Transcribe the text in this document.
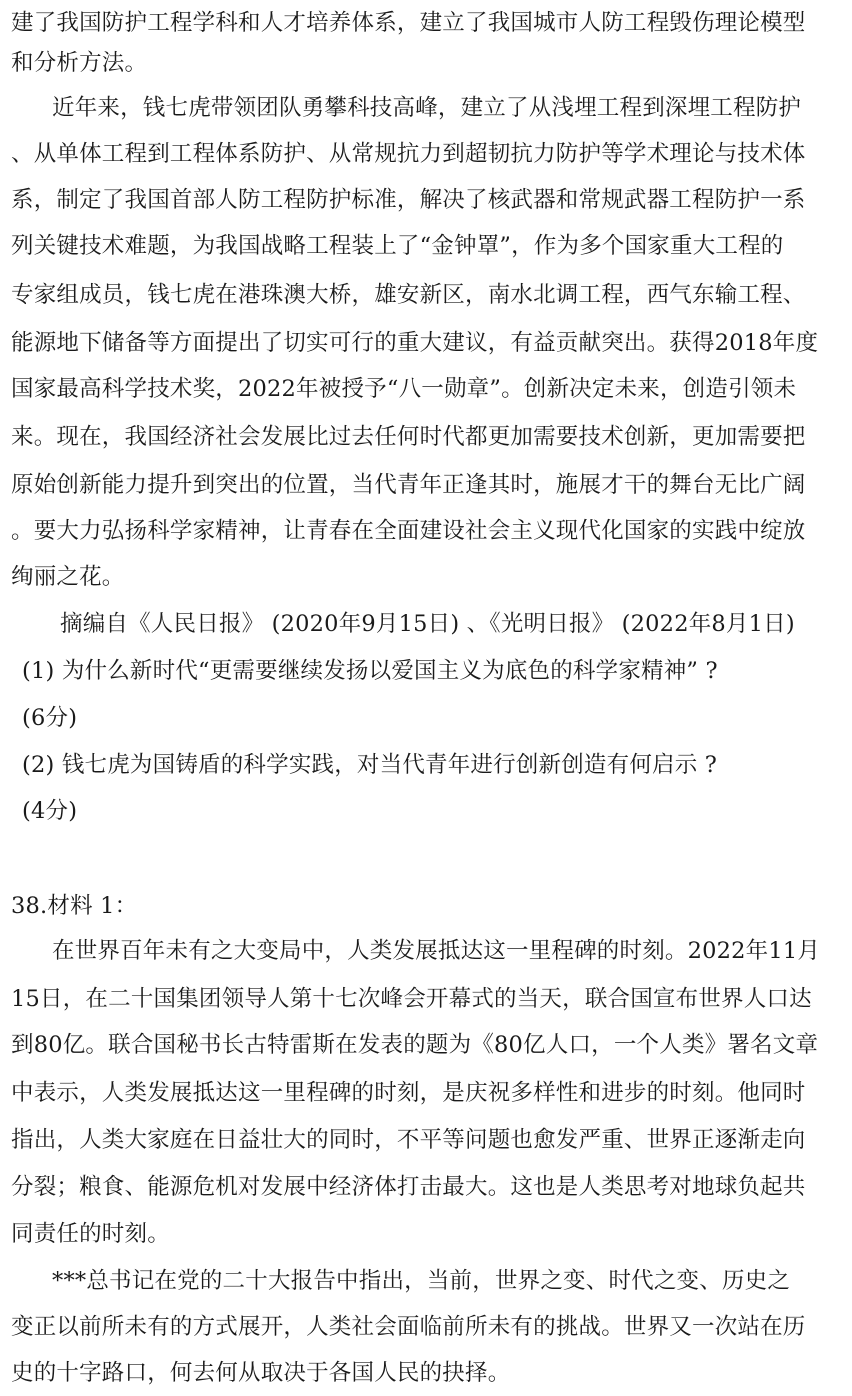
建了我国防护工程学科和人才培养体系，建立了我国城市人防工程毁伤理论模型
和分析方法。
近年来，钱七虎带领团队勇攀科技高峰，建立了从浅埋工程到深埋工程防护
、从单体工程到工程体系防护、从常规抗力到超韧抗力防护等学术理论与技术体
系，制定了我国首部人防工程防护标准，解决了核武器和常规武器工程防护一系
列关键技术难题，为我国战略工程装上了“金钟罩”，作为多个国家重大工程的
专家组成员，钱七虎在港珠澳大桥，雄安新区，南水北调工程，西气东输工程、
能源地下储备等方面提出了切实可行的重大建议，有益贡献突出。获得2018年度
国家最高科学技术奖，2022年被授予“八一勋章”。创新决定未来，创造引领未
来。现在，我国经济社会发展比过去任何时代都更加需要技术创新，更加需要把
原始创新能力提升到突出的位置，当代青年正逢其时，施展才干的舞台无比广阔
。要大力弘扬科学家精神，让青春在全面建设社会主义现代化国家的实践中绽放
绚丽之花。
摘编自《人民日报》 (2020年9月15日) 、《光明日报》 (2022年8月1日)
(1) 为什么新时代“更需要继续发扬以爱国主义为底色的科学家精神” ?
(6分)
(2) 钱七虎为国铸盾的科学实践，对当代青年进行创新创造有何启示 ?
(4分)
38.材料 1：
在世界百年未有之大变局中，人类发展抵达这一里程碑的时刻。2022年11月
15日，在二十国集团领导人第十七次峰会开幕式的当天，联合国宣布世界人口达
到80亿。联合国秘书长古特雷斯在发表的题为《80亿人口，一个人类》署名文章
中表示，人类发展抵达这一里程碑的时刻，是庆祝多样性和进步的时刻。他同时
指出，人类大家庭在日益壮大的同时，不平等问题也愈发严重、世界正逐渐走向
分裂；粮食、能源危机对发展中经济体打击最大。这也是人类思考对地球负起共
同责任的时刻。
***总书记在党的二十大报告中指出，当前，世界之变、时代之变、历史之
变正以前所未有的方式展开，人类社会面临前所未有的挑战。世界又一次站在历
史的十字路口，何去何从取决于各国人民的抉择。
